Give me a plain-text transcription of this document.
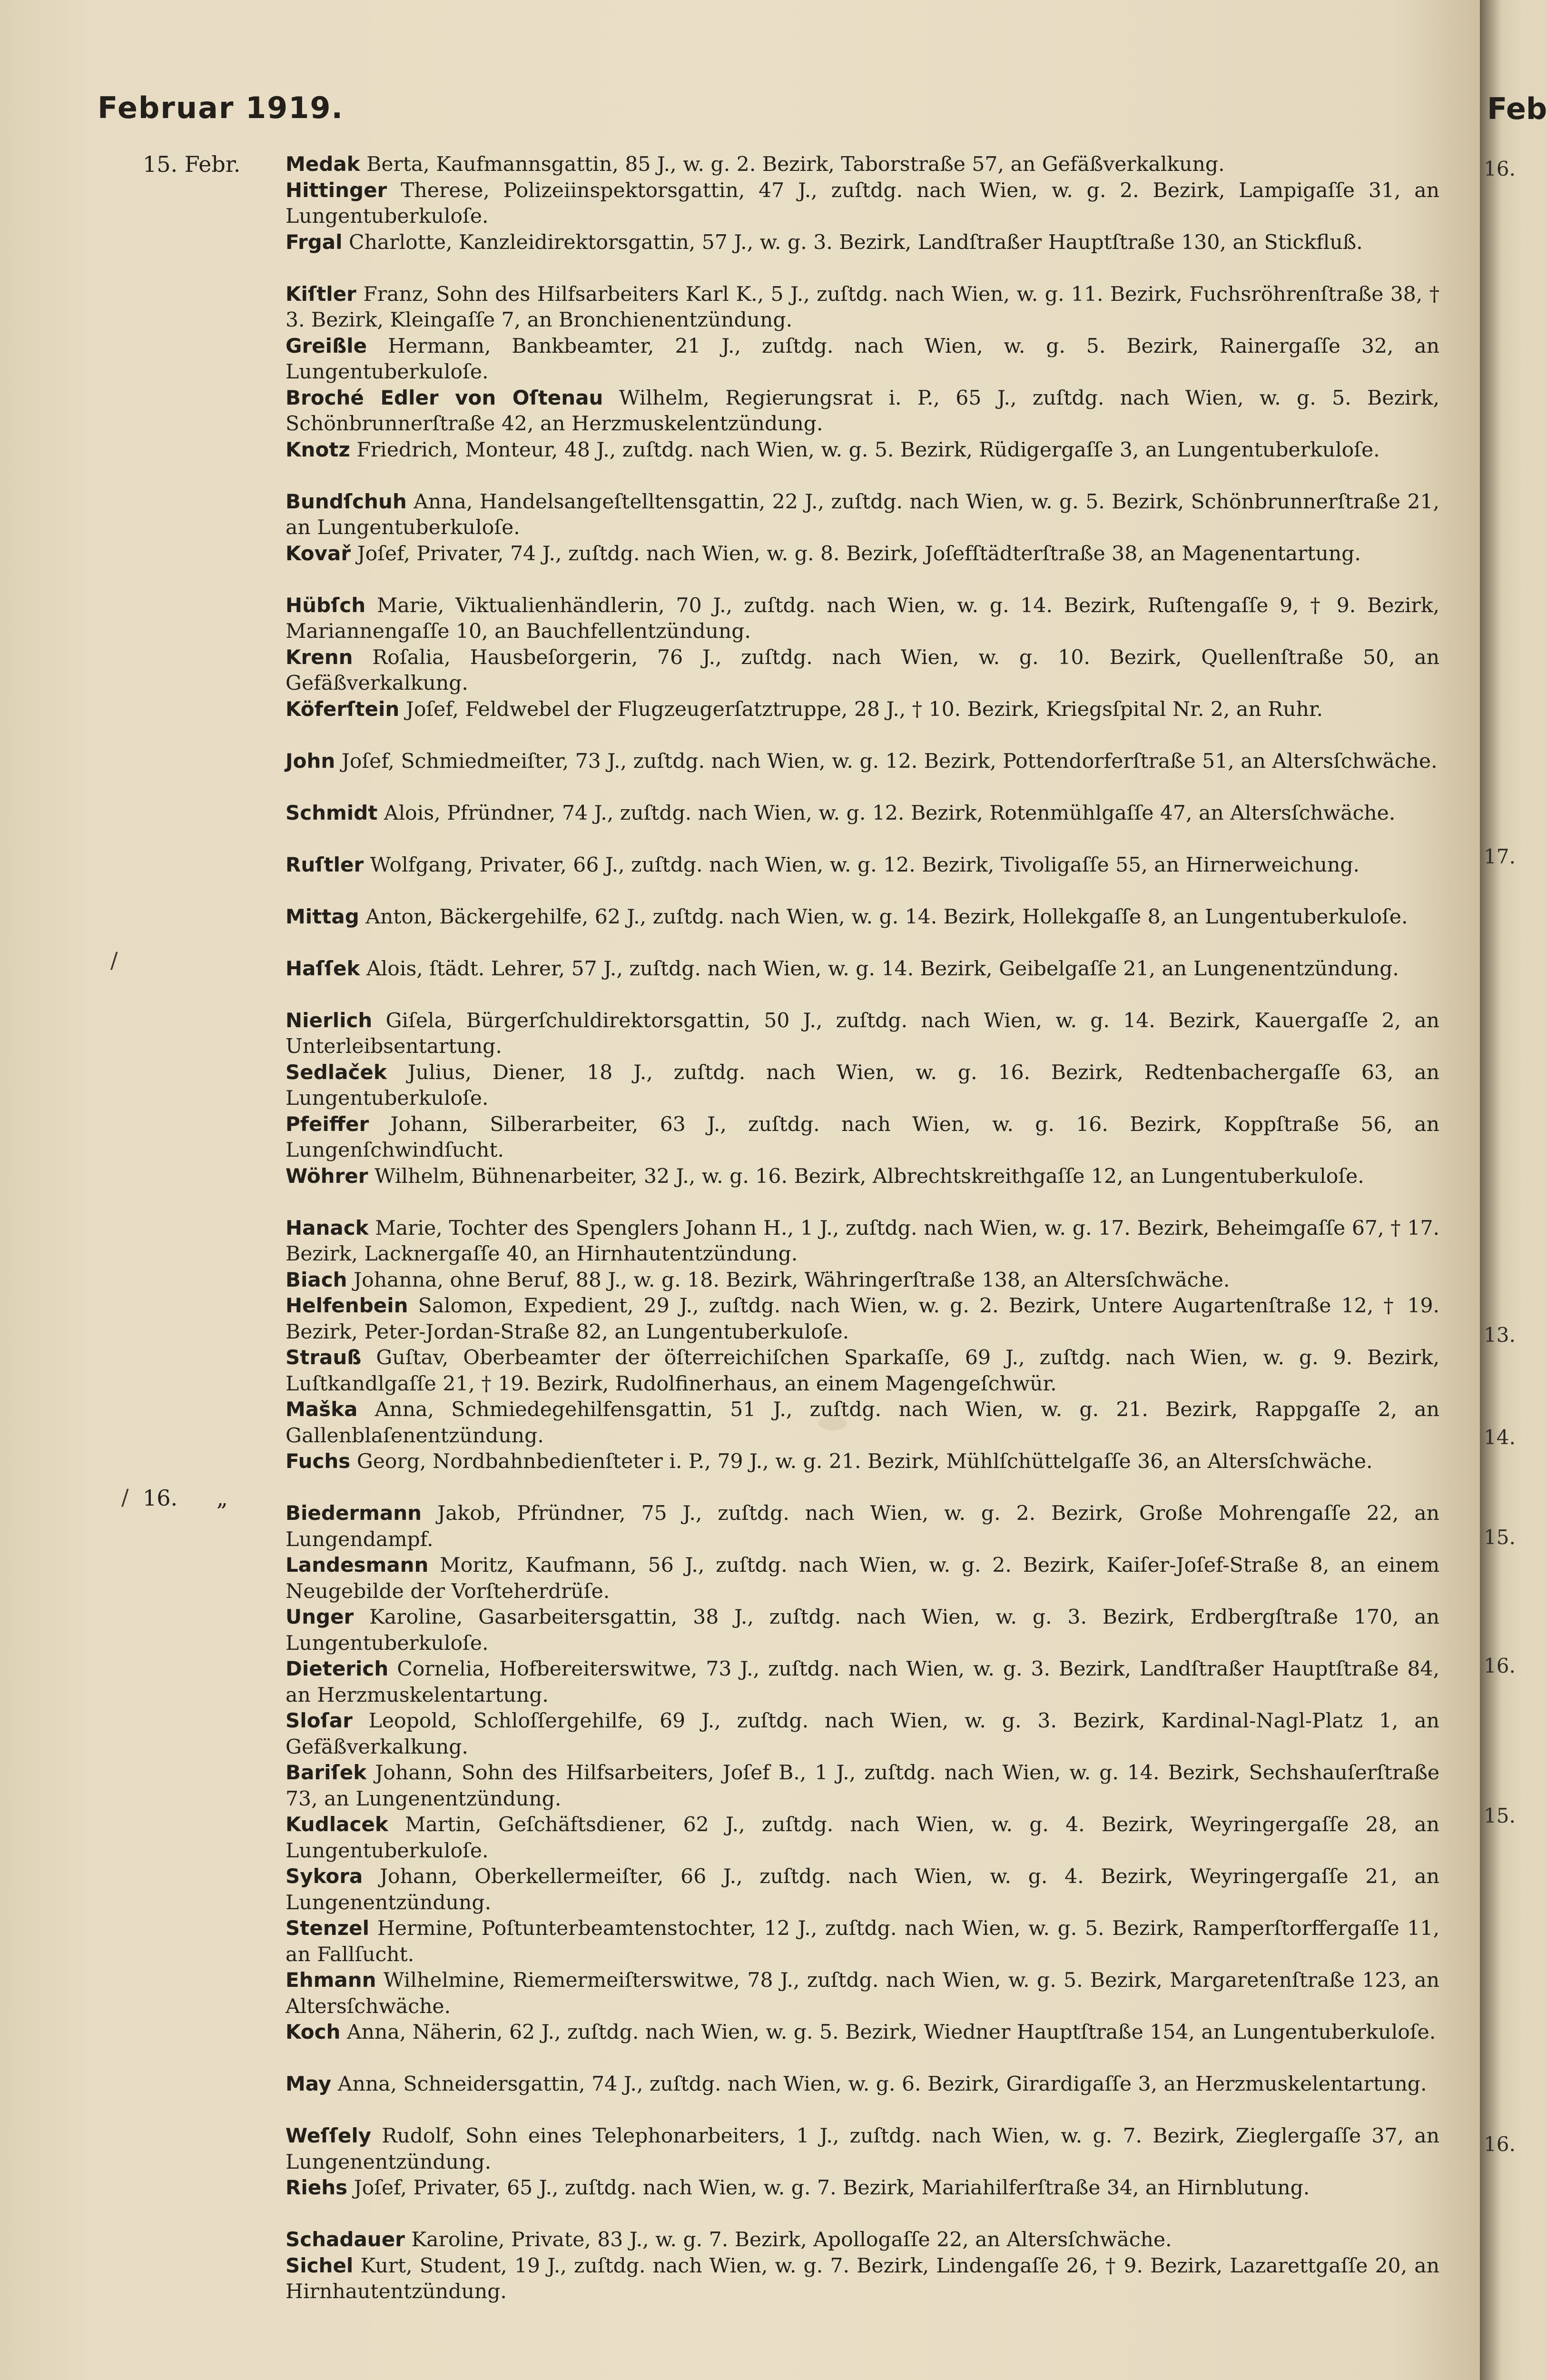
Februar 1919.	Feb
15. Febr.
16. „
/
/
Medak Berta, Kaufmannsgattin, 85 J., w. g. 2. Bezirk, Taborstraße 57, an Gefäßverkalkung.
Hittinger Therese, Polizeiinspektorsgattin, 47 J., zuſtdg. nach Wien, w. g. 2. Bezirk, Lampigaſſe 31, an Lungentuberkuloſe.
Frgal Charlotte, Kanzleidirektorsgattin, 57 J., w. g. 3. Bezirk, Landſtraßer Hauptſtraße 130, an Stickfluß.
Kiſtler Franz, Sohn des Hilfsarbeiters Karl K., 5 J., zuſtdg. nach Wien, w. g. 11. Bezirk, Fuchsröhrenſtraße 38, † 3. Bezirk, Kleingaſſe 7, an Bronchienentzündung.
Greißle Hermann, Bankbeamter, 21 J., zuſtdg. nach Wien, w. g. 5. Bezirk, Rainergaſſe 32, an Lungentuberkuloſe.
Broché Edler von Oſtenau Wilhelm, Regierungsrat i. P., 65 J., zuſtdg. nach Wien, w. g. 5. Bezirk, Schönbrunnerſtraße 42, an Herzmuskelentzündung.
Knotz Friedrich, Monteur, 48 J., zuſtdg. nach Wien, w. g. 5. Bezirk, Rüdigergaſſe 3, an Lungentuberkuloſe.
Bundſchuh Anna, Handelsangeſtelltensgattin, 22 J., zuſtdg. nach Wien, w. g. 5. Bezirk, Schönbrunnerſtraße 21, an Lungentuberkuloſe.
Kovař Joſef, Privater, 74 J., zuſtdg. nach Wien, w. g. 8. Bezirk, Joſefſtädterſtraße 38, an Magenentartung.
Hübſch Marie, Viktualienhändlerin, 70 J., zuſtdg. nach Wien, w. g. 14. Bezirk, Ruſtengaſſe 9, † 9. Bezirk, Mariannengaſſe 10, an Bauchfellentzündung.
Krenn Roſalia, Hausbeſorgerin, 76 J., zuſtdg. nach Wien, w. g. 10. Bezirk, Quellenſtraße 50, an Gefäßverkalkung.
Köferſtein Joſef, Feldwebel der Flugzeugerſatztruppe, 28 J., † 10. Bezirk, Kriegsſpital Nr. 2, an Ruhr.
John Joſef, Schmiedmeiſter, 73 J., zuſtdg. nach Wien, w. g. 12. Bezirk, Pottendorferſtraße 51, an Altersſchwäche.
Schmidt Alois, Pfründner, 74 J., zuſtdg. nach Wien, w. g. 12. Bezirk, Rotenmühlgaſſe 47, an Altersſchwäche.
Ruſtler Wolfgang, Privater, 66 J., zuſtdg. nach Wien, w. g. 12. Bezirk, Tivoligaſſe 55, an Hirnerweichung.
Mittag Anton, Bäckergehilfe, 62 J., zuſtdg. nach Wien, w. g. 14. Bezirk, Hollekgaſſe 8, an Lungentuberkuloſe.
Haſſek Alois, ſtädt. Lehrer, 57 J., zuſtdg. nach Wien, w. g. 14. Bezirk, Geibelgaſſe 21, an Lungenentzündung.
Nierlich Giſela, Bürgerſchuldirektorsgattin, 50 J., zuſtdg. nach Wien, w. g. 14. Bezirk, Kauergaſſe 2, an Unterleibsentartung.
Sedlaček Julius, Diener, 18 J., zuſtdg. nach Wien, w. g. 16. Bezirk, Redtenbachergaſſe 63, an Lungentuberkuloſe.
Pfeiffer Johann, Silberarbeiter, 63 J., zuſtdg. nach Wien, w. g. 16. Bezirk, Koppſtraße 56, an Lungenſchwindſucht.
Wöhrer Wilhelm, Bühnenarbeiter, 32 J., w. g. 16. Bezirk, Albrechtskreithgaſſe 12, an Lungentuberkuloſe.
Hanack Marie, Tochter des Spenglers Johann H., 1 J., zuſtdg. nach Wien, w. g. 17. Bezirk, Beheimgaſſe 67, † 17. Bezirk, Lacknergaſſe 40, an Hirnhautentzündung.
Biach Johanna, ohne Beruf, 88 J., w. g. 18. Bezirk, Währingerſtraße 138, an Altersſchwäche.
Helfenbein Salomon, Expedient, 29 J., zuſtdg. nach Wien, w. g. 2. Bezirk, Untere Augartenſtraße 12, † 19. Bezirk, Peter-Jordan-Straße 82, an Lungentuberkuloſe.
Strauß Guſtav, Oberbeamter der öſterreichiſchen Sparkaſſe, 69 J., zuſtdg. nach Wien, w. g. 9. Bezirk, Luſtkandlgaſſe 21, † 19. Bezirk, Rudolfinerhaus, an einem Magengeſchwür.
Maška Anna, Schmiedegehilfensgattin, 51 J., zuſtdg. nach Wien, w. g. 21. Bezirk, Rappgaſſe 2, an Gallenblaſenentzündung.
Fuchs Georg, Nordbahnbedienſteter i. P., 79 J., w. g. 21. Bezirk, Mühlſchüttelgaſſe 36, an Altersſchwäche.
Biedermann Jakob, Pfründner, 75 J., zuſtdg. nach Wien, w. g. 2. Bezirk, Große Mohrengaſſe 22, an Lungendampf.
Landesmann Moritz, Kaufmann, 56 J., zuſtdg. nach Wien, w. g. 2. Bezirk, Kaiſer-Joſef-Straße 8, an einem Neugebilde der Vorſteherdrüſe.
Unger Karoline, Gasarbeitersgattin, 38 J., zuſtdg. nach Wien, w. g. 3. Bezirk, Erdbergſtraße 170, an Lungentuberkuloſe.
Dieterich Cornelia, Hofbereiterswitwe, 73 J., zuſtdg. nach Wien, w. g. 3. Bezirk, Landſtraßer Hauptſtraße 84, an Herzmuskelentartung.
Sloſar Leopold, Schloſſergehilfe, 69 J., zuſtdg. nach Wien, w. g. 3. Bezirk, Kardinal-Nagl-Platz 1, an Gefäßverkalkung.
Bariſek Johann, Sohn des Hilfsarbeiters, Joſef B., 1 J., zuſtdg. nach Wien, w. g. 14. Bezirk, Sechshauſerſtraße 73, an Lungenentzündung.
Kudlacek Martin, Geſchäftsdiener, 62 J., zuſtdg. nach Wien, w. g. 4. Bezirk, Weyringergaſſe 28, an Lungentuberkuloſe.
Sykora Johann, Oberkellermeiſter, 66 J., zuſtdg. nach Wien, w. g. 4. Bezirk, Weyringergaſſe 21, an Lungenentzündung.
Stenzel Hermine, Poſtunterbeamtenstochter, 12 J., zuſtdg. nach Wien, w. g. 5. Bezirk, Ramperſtorffergaſſe 11, an Fallſucht.
Ehmann Wilhelmine, Riemermeiſterswitwe, 78 J., zuſtdg. nach Wien, w. g. 5. Bezirk, Margaretenſtraße 123, an Altersſchwäche.
Koch Anna, Näherin, 62 J., zuſtdg. nach Wien, w. g. 5. Bezirk, Wiedner Hauptſtraße 154, an Lungentuberkuloſe.
May Anna, Schneidersgattin, 74 J., zuſtdg. nach Wien, w. g. 6. Bezirk, Girardigaſſe 3, an Herzmuskelentartung.
Weſſely Rudolf, Sohn eines Telephonarbeiters, 1 J., zuſtdg. nach Wien, w. g. 7. Bezirk, Zieglergaſſe 37, an Lungenentzündung.
Riehs Joſef, Privater, 65 J., zuſtdg. nach Wien, w. g. 7. Bezirk, Mariahilferſtraße 34, an Hirnblutung.
Schadauer Karoline, Private, 83 J., w. g. 7. Bezirk, Apollogaſſe 22, an Altersſchwäche.
Sichel Kurt, Student, 19 J., zuſtdg. nach Wien, w. g. 7. Bezirk, Lindengaſſe 26, † 9. Bezirk, Lazarettgaſſe 20, an Hirnhautentzündung.
16.
17.
13.
14.
15.
16.
15.
16.
